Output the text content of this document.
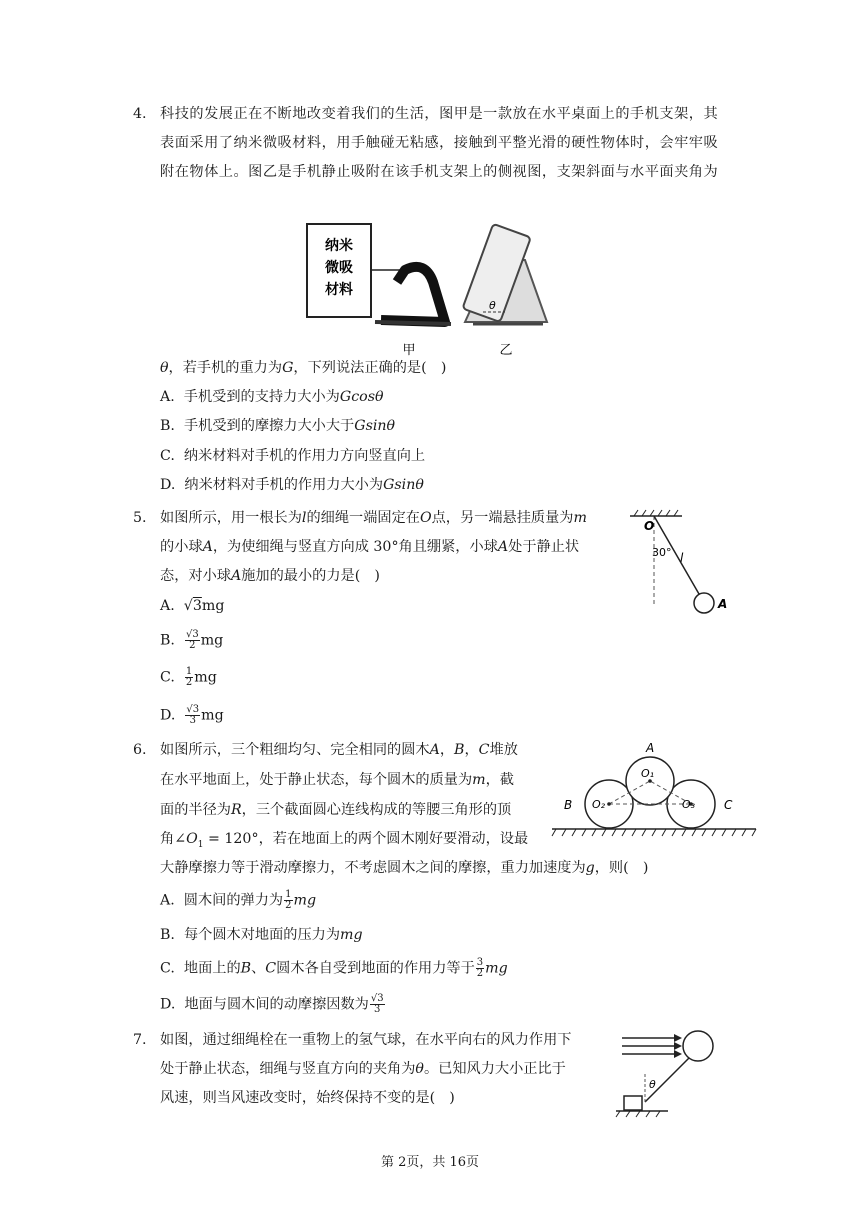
4. 科技的发展正在不断地改变着我们的生活，图甲是一款放在水平桌面上的手机支架，其
表面采用了纳米微吸材料，用手触碰无粘感，接触到平整光滑的硬性物体时，会牢牢吸
附在物体上。图乙是手机静止吸附在该手机支架上的侧视图，支架斜面与水平面夹角为
纳米
微吸
材料
θ
甲	乙
θ，若手机的重力为G，下列说法正确的是(　)
A. 手机受到的支持力大小为Gcosθ
B. 手机受到的摩擦力大小大于Gsinθ
C. 纳米材料对手机的作用力方向竖直向上
D. 纳米材料对手机的作用力大小为Gsinθ
5. 如图所示，用一根长为l的细绳一端固定在O点，另一端悬挂质量为m
的小球A，为使细绳与竖直方向成 30°角且绷紧，小球A处于静止状
态，对小球A施加的最小的力是(　)
O
30° l
A
A.  √3mg
B. $\frac{√3}{2}$ mg
C. $\frac{1}{2}$ mg
D. $\frac{√3}{3}$ mg
6. 如图所示，三个粗细均匀、完全相同的圆木A，B，C堆放
在水平地面上，处于静止状态，每个圆木的质量为m，截
面的半径为R，三个截面圆心连线构成的等腰三角形的顶
角$\angle O_1 = 120^\circ$，若在地面上的两个圆木刚好要滑动，设最
大静摩擦力等于滑动摩擦力，不考虑圆木之间的摩擦，重力加速度为g，则(　)
A
B	C
O₁
O₂	O₃
A. 圆木间的弹力为 $\frac{1}{2}$ mg
B. 每个圆木对地面的压力为mg
C. 地面上的B、C圆木各自受到地面的作用力等于 $\frac{3}{2}$ mg
D. 地面与圆木间的动摩擦因数为 $\frac{√3}{3}$
7. 如图，通过细绳栓在一重物上的氢气球，在水平向右的风力作用下
处于静止状态，细绳与竖直方向的夹角为θ。已知风力大小正比于
风速，则当风速改变时，始终保持不变的是(　)
θ
第 2页，共 16页
